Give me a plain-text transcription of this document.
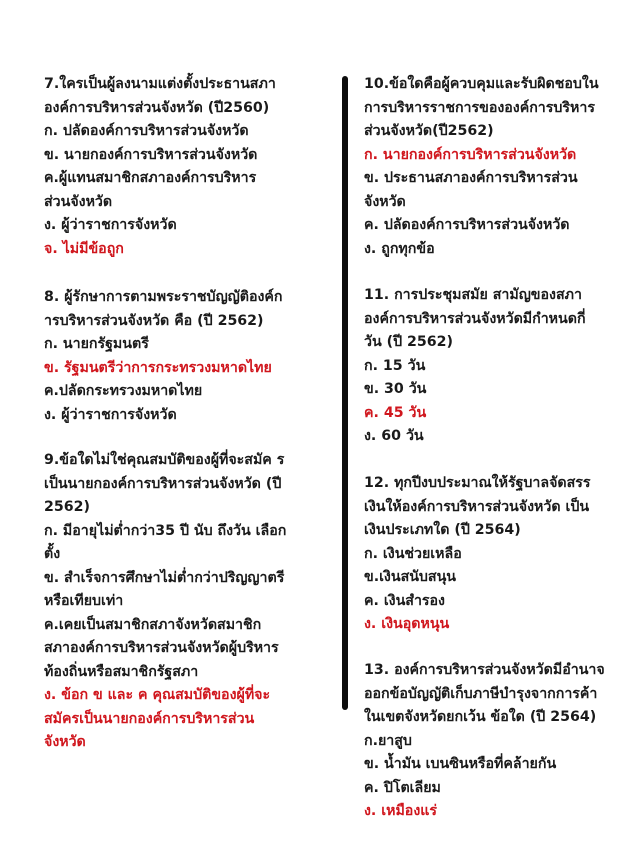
7.ใครเป็นผู้ลงนามแต่งตั้งประธานสภา
องค์การบริหารส่วนจังหวัด (ปี2560)
ก. ปลัดองค์การบริหารส่วนจังหวัด
ข. นายกองค์การบริหารส่วนจังหวัด
ค.ผู้แทนสมาชิกสภาองค์การบริหาร
ส่วนจังหวัด
ง. ผู้ว่าราชการจังหวัด
จ. ไม่มีข้อถูก
8. ผู้รักษาการตามพระราชบัญญัติองค์ก
ารบริหารส่วนจังหวัด คือ (ปี 2562)
ก. นายกรัฐมนตรี
ข. รัฐมนตรีว่าการกระทรวงมหาดไทย
ค.ปลัดกระทรวงมหาดไทย
ง. ผู้ว่าราชการจังหวัด
9.ข้อใดไม่ใช่คุณสมบัติของผู้ที่จะสมัค ร
เป็นนายกองค์การบริหารส่วนจังหวัด (ปี
2562)
ก. มีอายุไม่ต่ำกว่า35 ปี นับ ถึงวัน เลือก
ตั้ง
ข. สำเร็จการศึกษาไม่ต่ำกว่าปริญญาตรี
หรือเทียบเท่า
ค.เคยเป็นสมาชิกสภาจังหวัดสมาชิก
สภาองค์การบริหารส่วนจังหวัดผู้บริหาร
ท้องถิ่นหรือสมาชิกรัฐสภา
ง. ข้อก ข และ ค คุณสมบัติของผู้ที่จะ
สมัครเป็นนายกองค์การบริหารส่วน
จังหวัด
10.ข้อใดคือผู้ควบคุมและรับผิดชอบใน
การบริหารราชการขององค์การบริหาร
ส่วนจังหวัด(ปี2562)
ก. นายกองค์การบริหารส่วนจังหวัด
ข. ประธานสภาองค์การบริหารส่วน
จังหวัด
ค. ปลัดองค์การบริหารส่วนจังหวัด
ง. ถูกทุกข้อ
11. การประชุมสมัย สามัญของสภา
องค์การบริหารส่วนจังหวัดมีกำหนดกี่
วัน (ปี 2562)
ก. 15 วัน
ข. 30 วัน
ค. 45 วัน
ง. 60 วัน
12. ทุกปีงบประมาณให้รัฐบาลจัดสรร
เงินให้องค์การบริหารส่วนจังหวัด เป็น
เงินประเภทใด (ปี 2564)
ก. เงินช่วยเหลือ
ข.เงินสนับสนุน
ค. เงินสำรอง
ง. เงินอุดหนุน
13. องค์การบริหารส่วนจังหวัดมีอำนาจ
ออกข้อบัญญัติเก็บภาษีบำรุงจากการค้า
ในเขตจังหวัดยกเว้น ข้อใด (ปี 2564)
ก.ยาสูบ
ข. น้ำมัน เบนซินหรือที่คล้ายกัน
ค. ปิโตเลียม
ง. เหมืองแร่
